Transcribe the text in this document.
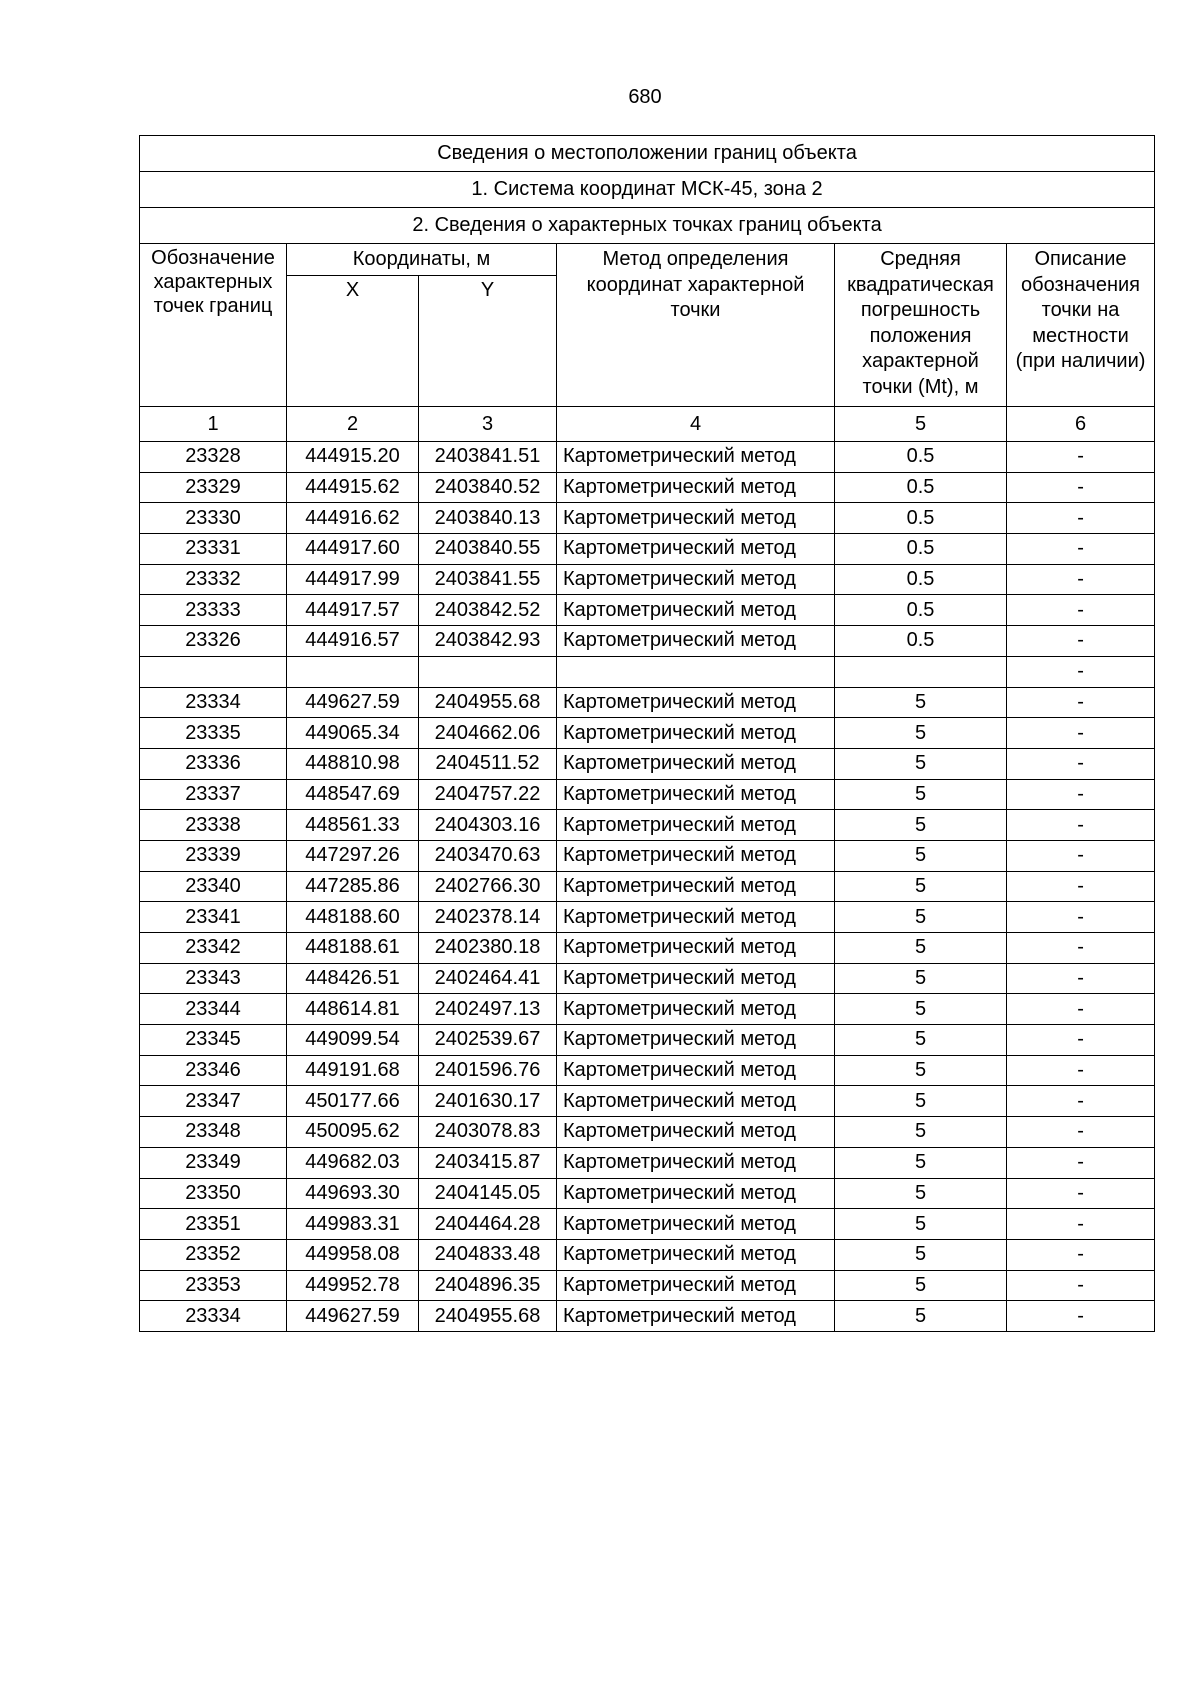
680
Сведения о местоположении границ объекта					
1. Система координат МСК-45, зона 2					
2. Сведения о характерных точках границ объекта					
Обозначение характерных точек границ	Координаты, м		Метод определения координат характерной точки	Средняя квадратическая погрешность положения характерной точки (Mt), м	Описание обозначения точки на местности (при наличии)
	X	Y			
1	2	3	4	5	6
23328	444915.20	2403841.51	Картометрический метод	0.5	-
23329	444915.62	2403840.52	Картометрический метод	0.5	-
23330	444916.62	2403840.13	Картометрический метод	0.5	-
23331	444917.60	2403840.55	Картометрический метод	0.5	-
23332	444917.99	2403841.55	Картометрический метод	0.5	-
23333	444917.57	2403842.52	Картометрический метод	0.5	-
23326	444916.57	2403842.93	Картометрический метод	0.5	-
					-
23334	449627.59	2404955.68	Картометрический метод	5	-
23335	449065.34	2404662.06	Картометрический метод	5	-
23336	448810.98	2404511.52	Картометрический метод	5	-
23337	448547.69	2404757.22	Картометрический метод	5	-
23338	448561.33	2404303.16	Картометрический метод	5	-
23339	447297.26	2403470.63	Картометрический метод	5	-
23340	447285.86	2402766.30	Картометрический метод	5	-
23341	448188.60	2402378.14	Картометрический метод	5	-
23342	448188.61	2402380.18	Картометрический метод	5	-
23343	448426.51	2402464.41	Картометрический метод	5	-
23344	448614.81	2402497.13	Картометрический метод	5	-
23345	449099.54	2402539.67	Картометрический метод	5	-
23346	449191.68	2401596.76	Картометрический метод	5	-
23347	450177.66	2401630.17	Картометрический метод	5	-
23348	450095.62	2403078.83	Картометрический метод	5	-
23349	449682.03	2403415.87	Картометрический метод	5	-
23350	449693.30	2404145.05	Картометрический метод	5	-
23351	449983.31	2404464.28	Картометрический метод	5	-
23352	449958.08	2404833.48	Картометрический метод	5	-
23353	449952.78	2404896.35	Картометрический метод	5	-
23334	449627.59	2404955.68	Картометрический метод	5	-
